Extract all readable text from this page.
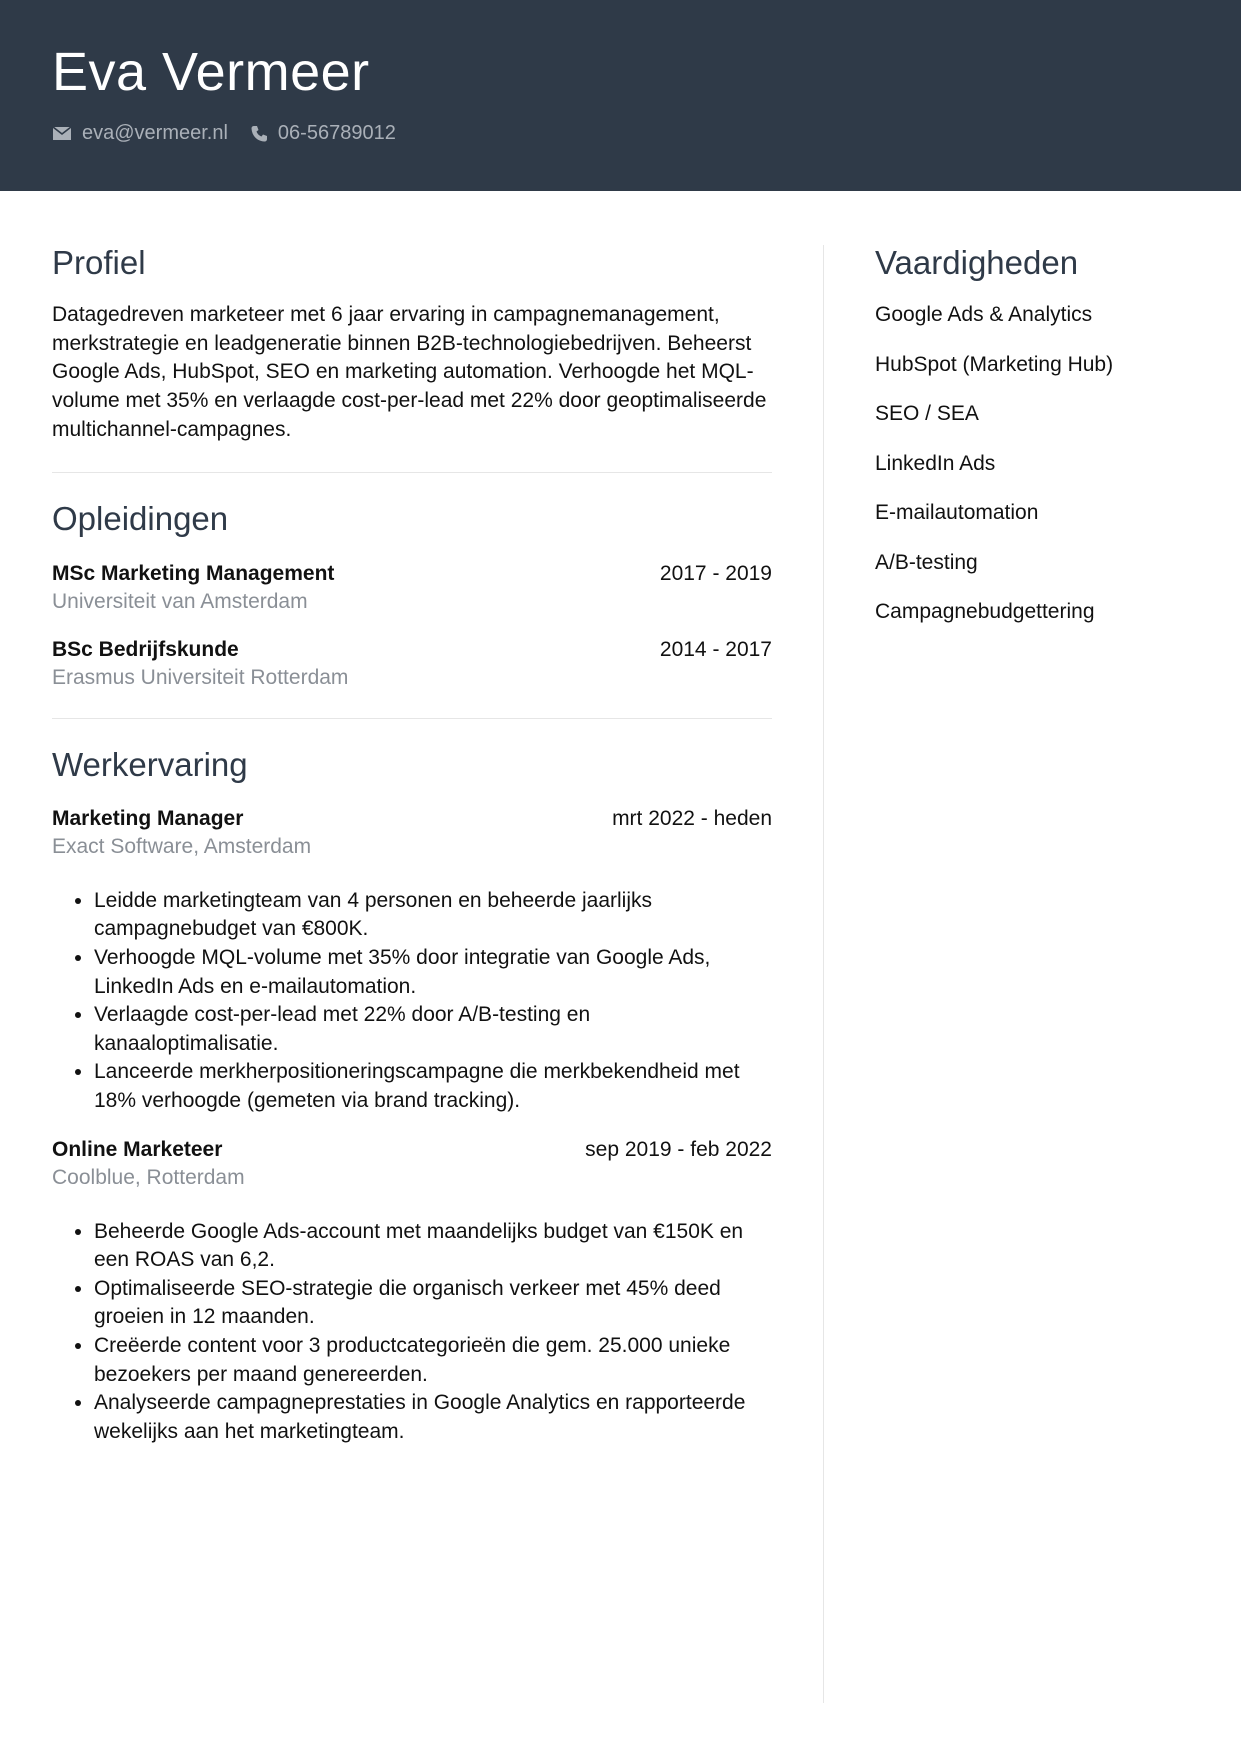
Eva Vermeer
eva@vermeer.nl	06-56789012
Profiel

Datagedreven marketeer met 6 jaar ervaring in campagnemanagement, merkstrategie en leadgeneratie binnen B2B-technologiebedrijven. Beheerst Google Ads, HubSpot, SEO en marketing automation. Verhoogde het MQL-volume met 35% en verlaagde cost-per-lead met 22% door geoptimaliseerde multichannel-campagnes.

Opleidingen
MSc Marketing Management	2017 - 2019
Universiteit van Amsterdam
BSc Bedrijfskunde	2014 - 2017
Erasmus Universiteit Rotterdam
Werkervaring
Marketing Manager	mrt 2022 - heden
Exact Software, Amsterdam
• Leidde marketingteam van 4 personen en beheerde jaarlijks campagnebudget van €800K.
• Verhoogde MQL-volume met 35% door integratie van Google Ads, LinkedIn Ads en e-mailautomation.
• Verlaagde cost-per-lead met 22% door A/B-testing en kanaaloptimalisatie.
• Lanceerde merkherpositioneringscampagne die merkbekendheid met 18% verhoogde (gemeten via brand tracking).
Online Marketeer	sep 2019 - feb 2022
Coolblue, Rotterdam
• Beheerde Google Ads-account met maandelijks budget van €150K en een ROAS van 6,2.
• Optimaliseerde SEO-strategie die organisch verkeer met 45% deed groeien in 12 maanden.
• Creëerde content voor 3 productcategorieën die gem. 25.000 unieke bezoekers per maand genereerden.
• Analyseerde campagneprestaties in Google Analytics en rapporteerde wekelijks aan het marketingteam.
Vaardigheden
Google Ads & Analytics
HubSpot (Marketing Hub)
SEO / SEA
LinkedIn Ads
E-mailautomation
A/B-testing
Campagnebudgettering
